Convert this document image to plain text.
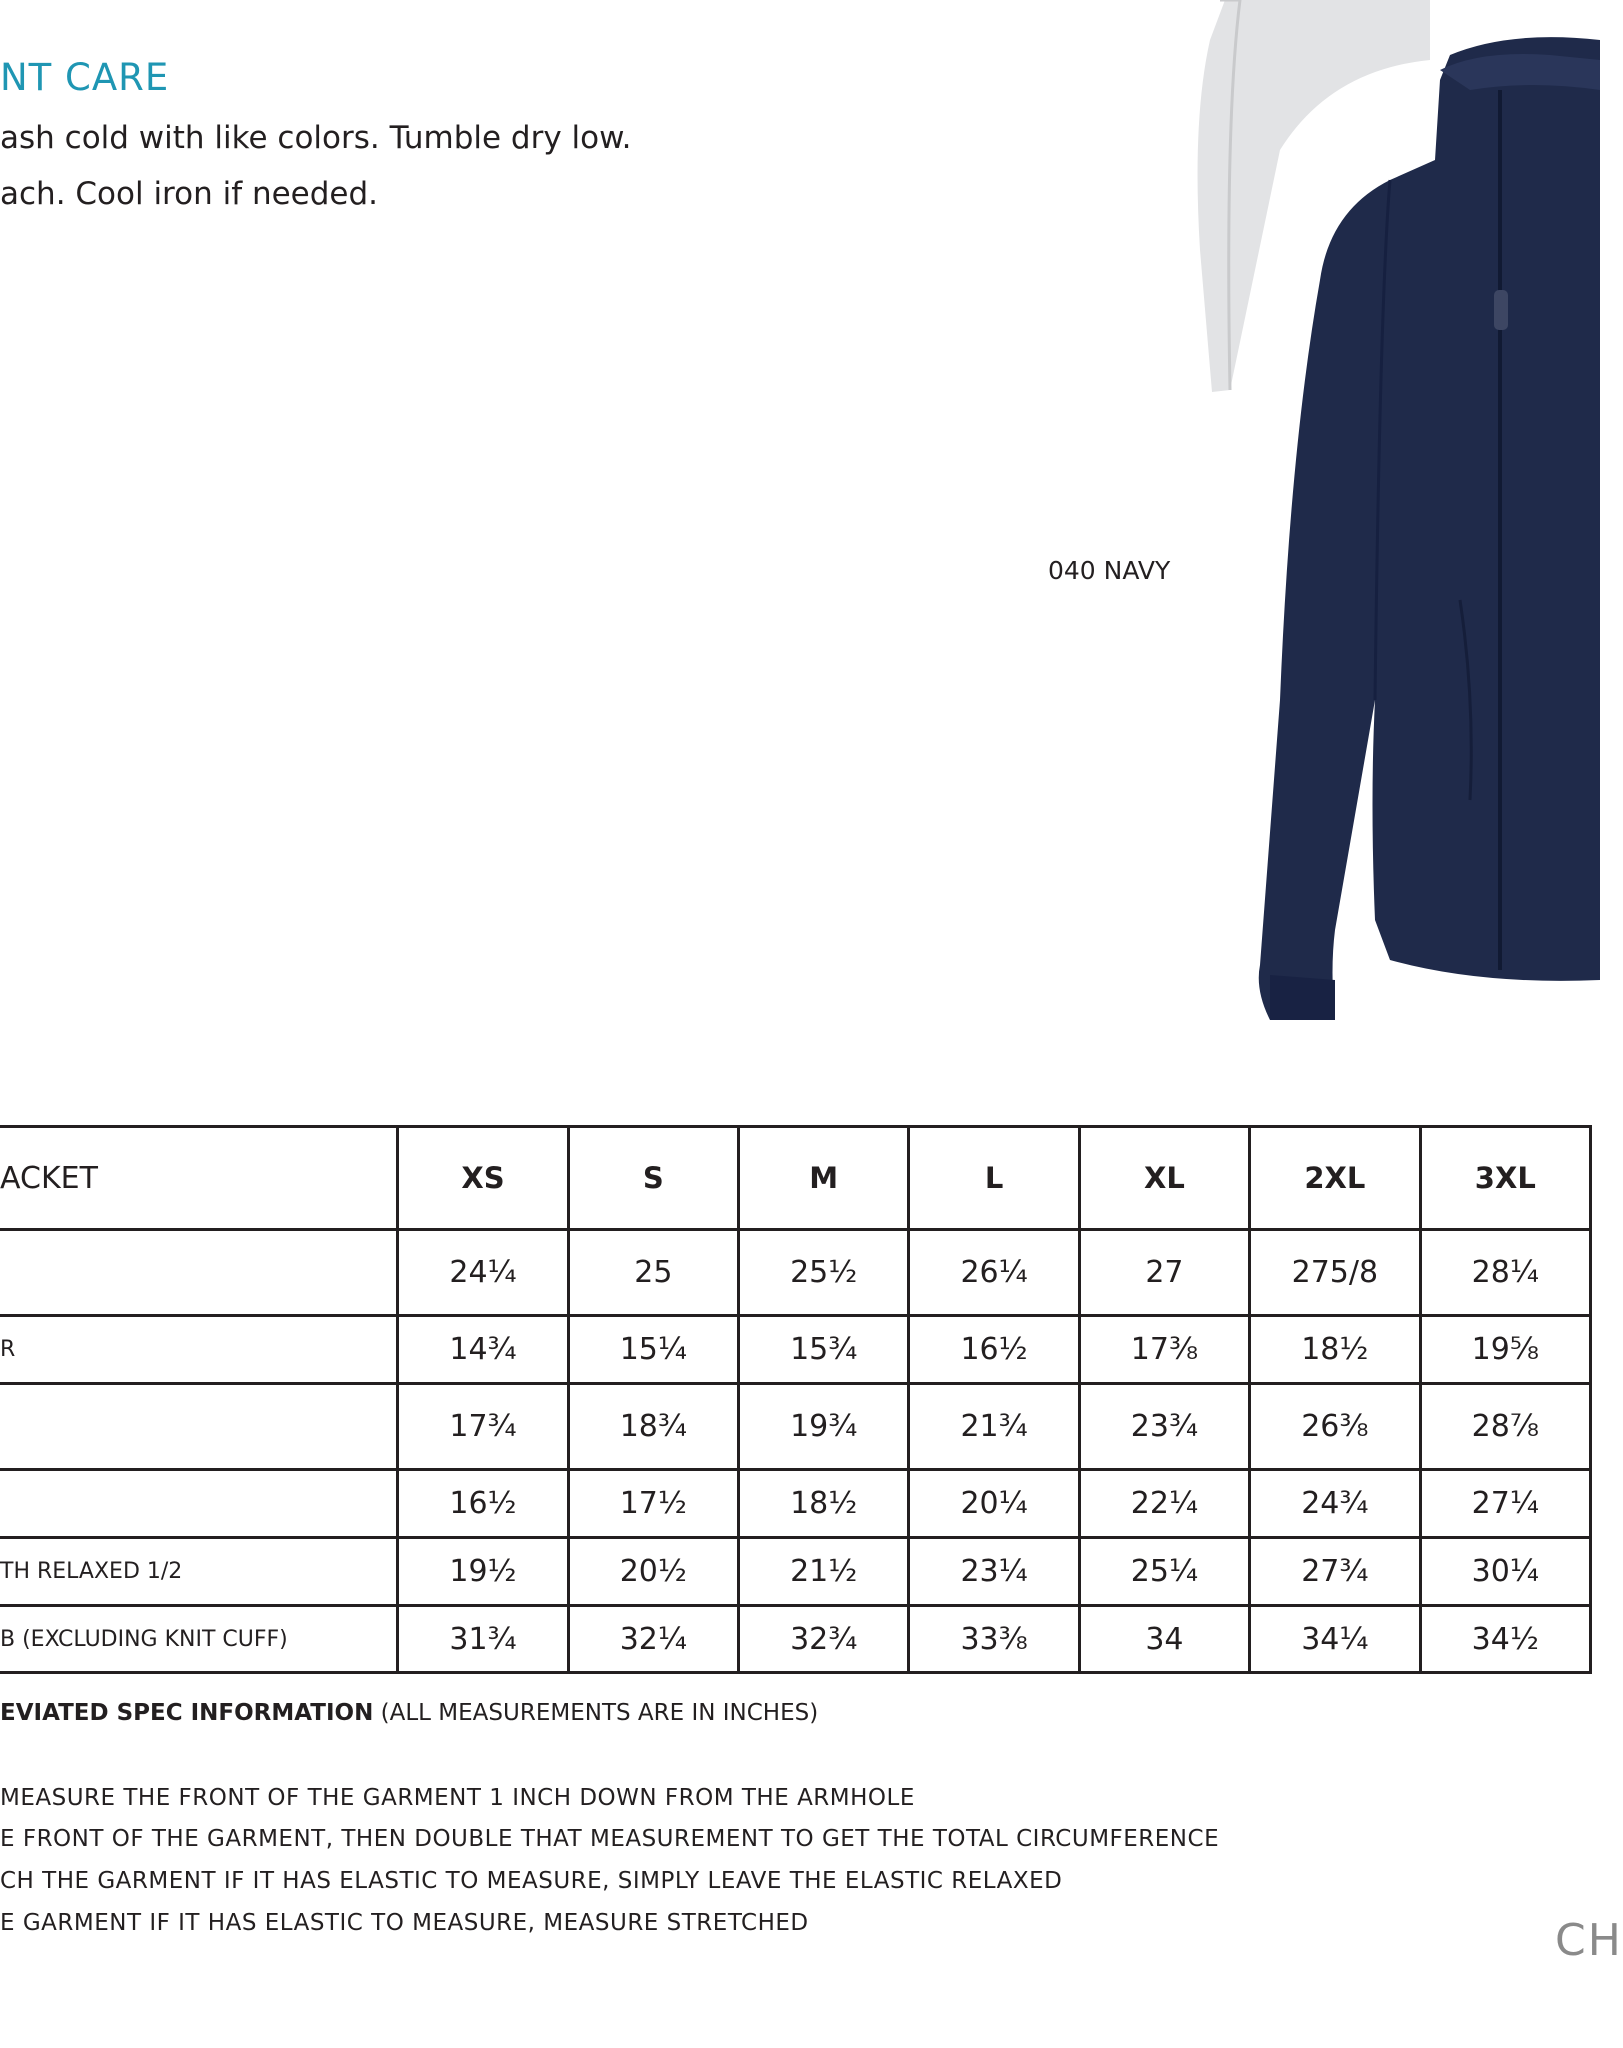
NT CARE
ash cold with like colors. Tumble dry low.
ach. Cool iron if needed.
040 NAVY
ACKET	XS	S	M	L	XL	2XL	3XL
	24¼	25	25½	26¼	27	275/8	28¼
R	14¾	15¼	15¾	16½	17⅜	18½	19⅝
	17¾	18¾	19¾	21¾	23¾	26⅜	28⅞
	16½	17½	18½	20¼	22¼	24¾	27¼
TH RELAXED 1/2	19½	20½	21½	23¼	25¼	27¾	30¼
B (EXCLUDING KNIT CUFF)	31¾	32¼	32¾	33⅜	34	34¼	34½
EVIATED SPEC INFORMATION (ALL MEASUREMENTS ARE IN INCHES)
MEASURE THE FRONT OF THE GARMENT 1 INCH DOWN FROM THE ARMHOLE
E FRONT OF THE GARMENT, THEN DOUBLE THAT MEASUREMENT TO GET THE TOTAL CIRCUMFERENCE
CH THE GARMENT IF IT HAS ELASTIC TO MEASURE, SIMPLY LEAVE THE ELASTIC RELAXED
E GARMENT IF IT HAS ELASTIC TO MEASURE, MEASURE STRETCHED	CH
